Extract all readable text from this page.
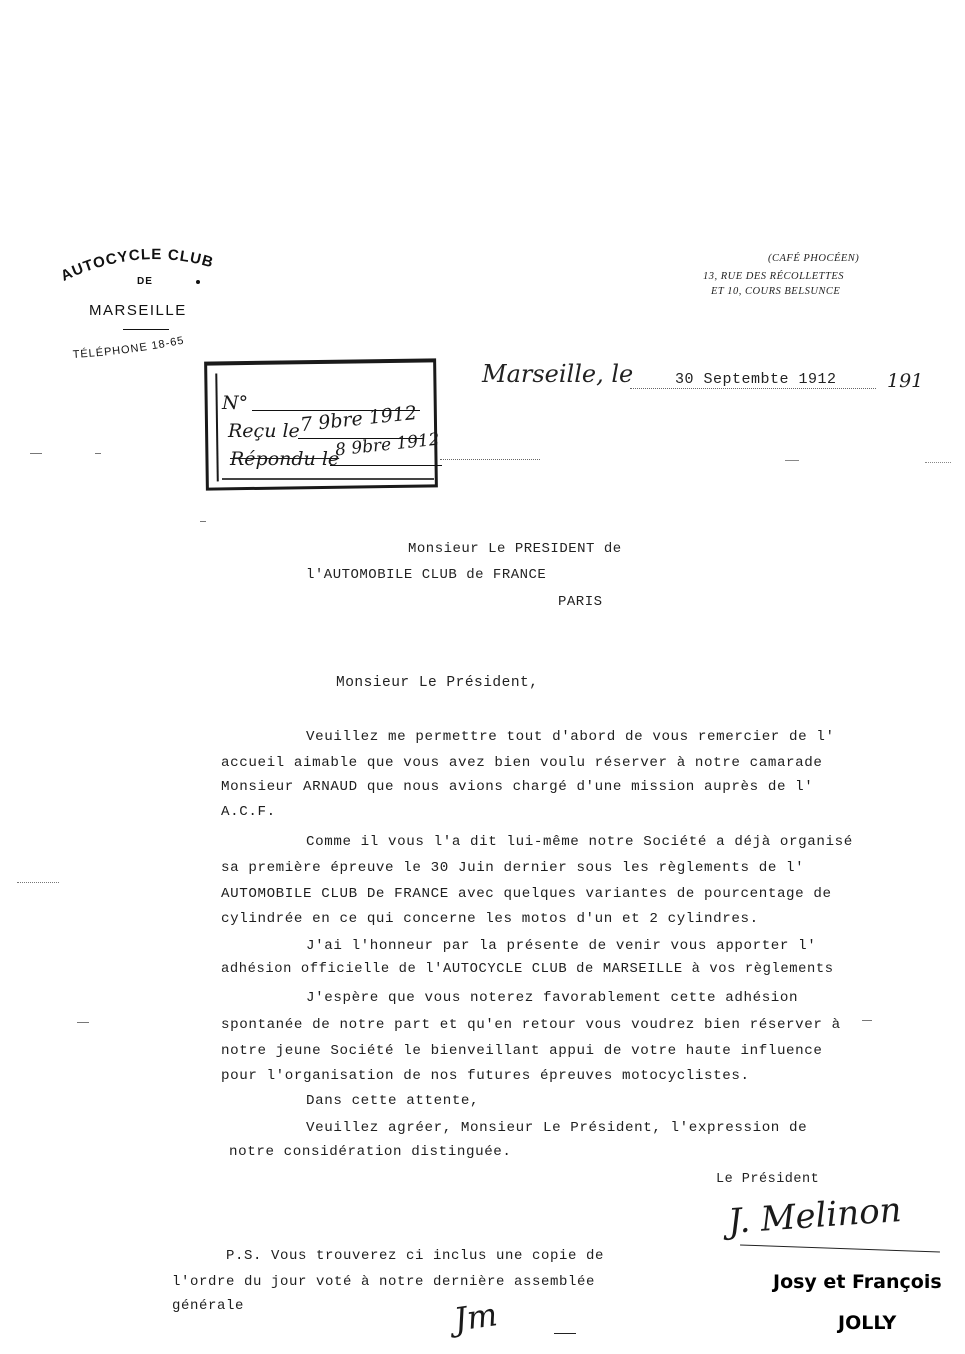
AUTOCYCLE CLUB
DE
MARSEILLE
TÉLÉPHONE 18-65
(CAFÉ PHOCÉEN)
13, RUE DES RÉCOLLETTES
ET 10, COURS BELSUNCE
Marseille, le	30 Septembte 1912	191
N°
Reçu le 7 9bre 1912
Répondu le
8 9bre 1912
Monsieur Le PRESIDENT de
l'AUTOMOBILE CLUB de FRANCE
PARIS
Monsieur Le Président,
Veuillez me permettre tout d'abord de vous remercier de l'
accueil aimable que vous avez bien voulu réserver à notre camarade
Monsieur ARNAUD que nous avions chargé d'une mission auprès de l'
A.C.F.
Comme il vous l'a dit lui-même notre Société a déjà organisé
sa première épreuve le 30 Juin dernier sous les règlements de l'
AUTOMOBILE CLUB De FRANCE avec quelques variantes de pourcentage de
cylindrée en ce qui concerne les motos d'un et 2 cylindres.
J'ai l'honneur par la présente de venir vous apporter l'
adhésion officielle de l'AUTOCYCLE CLUB de MARSEILLE à vos règlements
J'espère que vous noterez favorablement cette adhésion
spontanée de notre part et qu'en retour vous voudrez bien réserver à
notre jeune Société le bienveillant appui de votre haute influence
pour l'organisation de nos futures épreuves motocyclistes.
Dans cette attente,
Veuillez agréer, Monsieur Le Président, l'expression de
notre considération distinguée.
Le Président
J. Melinon
P.S. Vous trouverez ci inclus une copie de
l'ordre du jour voté à notre dernière assemblée
générale	Jm
Josy et François
JOLLY
